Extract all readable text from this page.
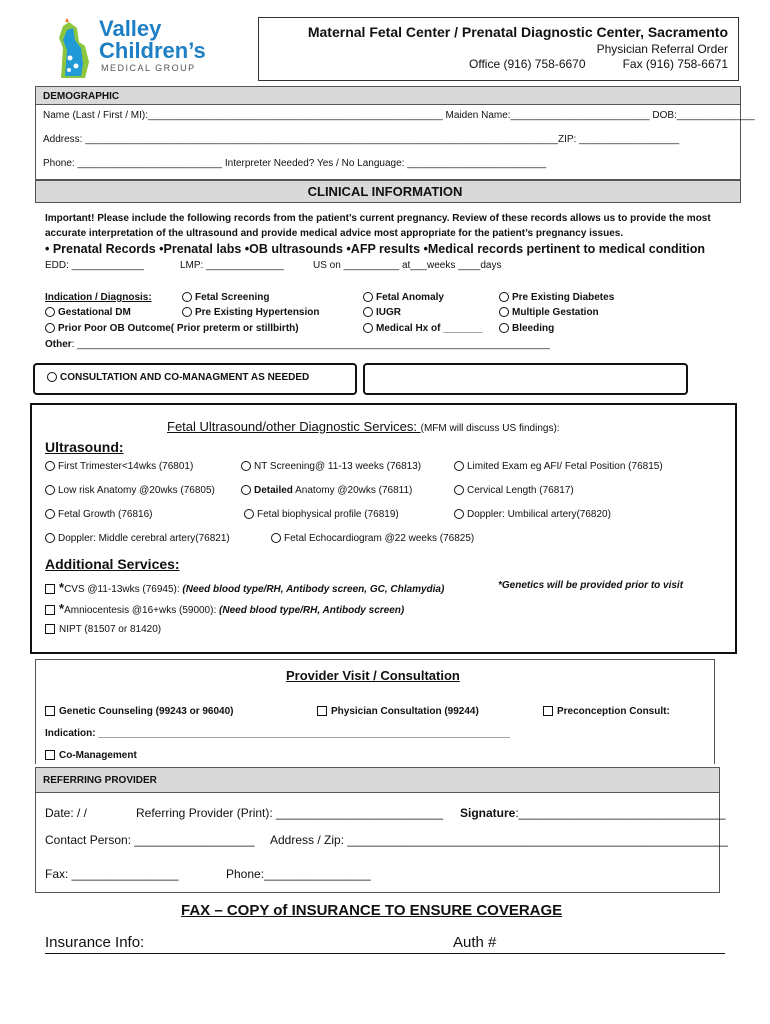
Valley
Children’s
MEDICAL GROUP
Maternal Fetal Center / Prenatal Diagnostic Center, Sacramento
Physician Referral Order
Office (916) 758-6670	Fax (916) 758-6671
DEMOGRAPHIC
Name (Last / First / MI):_____________________________________________________ Maiden Name:_________________________ DOB:______________
Address: _____________________________________________________________________________________ZIP: __________________
Phone: __________________________ Interpreter Needed? Yes / No Language: _________________________
CLINICAL INFORMATION
Important! Please include the following records from the patient’s current pregnancy. Review of these records allows us to provide the most
accurate interpretation of the ultrasound and provide medical advice most appropriate for the patient’s pregnancy issues.
• Prenatal Records •Prenatal labs •OB ultrasounds •AFP results •Medical records pertinent to medical condition
EDD: _____________	LMP: ______________	US on __________ at___weeks ____days
Indication / Diagnosis:	Fetal Screening	Fetal Anomaly	Pre Existing Diabetes
Gestational DM	Pre Existing Hypertension	IUGR	Multiple Gestation
Prior Poor OB Outcome( Prior preterm or stillbirth)	Medical Hx of _______	Bleeding
Other: _____________________________________________________________________________________
CONSULTATION AND CO-MANAGMENT AS NEEDED
Fetal Ultrasound/other Diagnostic Services: (MFM will discuss US findings):
Ultrasound:
First Trimester<14wks (76801)	NT Screening@ 11-13 weeks (76813)	Limited Exam eg AFI/ Fetal Position (76815)
Low risk Anatomy @20wks (76805)	Detailed Anatomy @20wks (76811)	Cervical Length (76817)
Fetal Growth (76816)	Fetal biophysical profile (76819)	Doppler: Umbilical artery(76820)
Doppler: Middle cerebral artery(76821)	Fetal Echocardiogram @22 weeks (76825)
Additional Services:
*CVS @11-13wks (76945): (Need blood type/RH, Antibody screen, GC, Chlamydia)	*Genetics will be provided prior to visit
*Amniocentesis @16+wks (59000): (Need blood type/RH, Antibody screen)
NIPT (81507 or 81420)
Provider Visit / Consultation
Genetic Counseling (99243 or 96040)	Physician Consultation (99244)	Preconception Consult:
Indication: __________________________________________________________________________
Co-Management
REFERRING PROVIDER
Date: / /	Referring Provider (Print): _________________________ Signature:_______________________________
Contact Person: __________________ Address / Zip: _________________________________________________________
Fax: ________________	Phone:________________
FAX – COPY of INSURANCE TO ENSURE COVERAGE
Insurance Info:	Auth #
